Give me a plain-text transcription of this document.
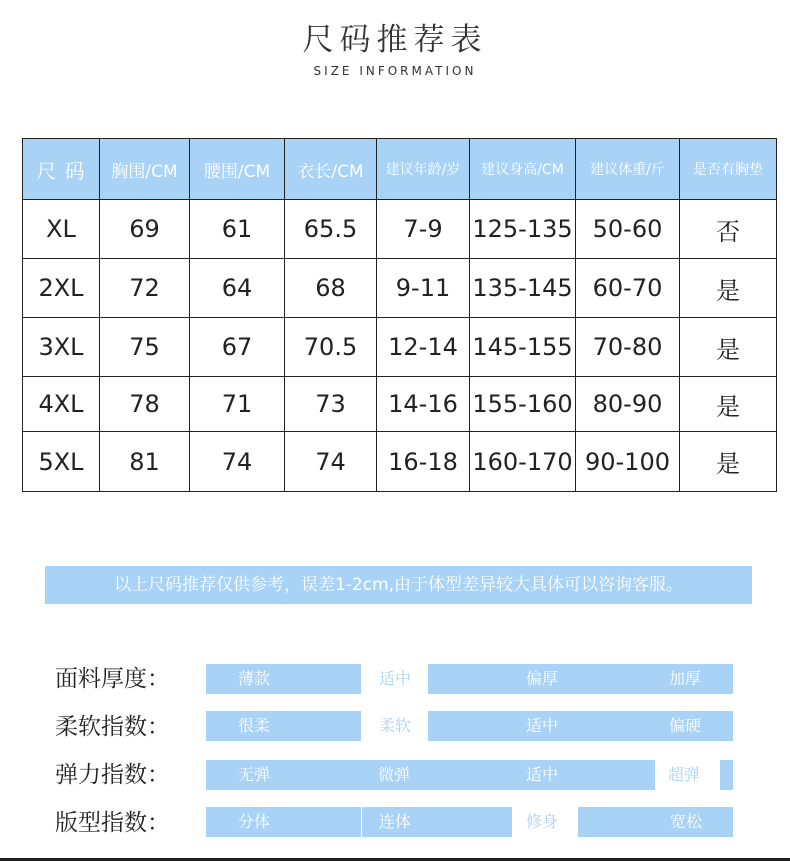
尺码推荐表
SIZE INFORMATION
尺 码	胸围/CM	腰围/CM	衣长/CM	建议年龄/岁	建议身高/CM	建议体重/斤	是否有胸垫
XL	69	61	65.5	7-9	125-135	50-60	否
2XL	72	64	68	9-11	135-145	60-70	是
3XL	75	67	70.5	12-14	145-155	70-80	是
4XL	78	71	73	14-16	155-160	80-90	是
5XL	81	74	74	16-18	160-170	90-100	是
以上尺码推荐仅供参考，误差1-2cm,由于体型差异较大具体可以咨询客服。
面料厚度：	薄款	适中	偏厚	加厚
柔软指数：	很柔	柔软	适中	偏硬
弹力指数：	无弹	微弹	适中	超弹
版型指数：	分体	连体	修身	宽松
